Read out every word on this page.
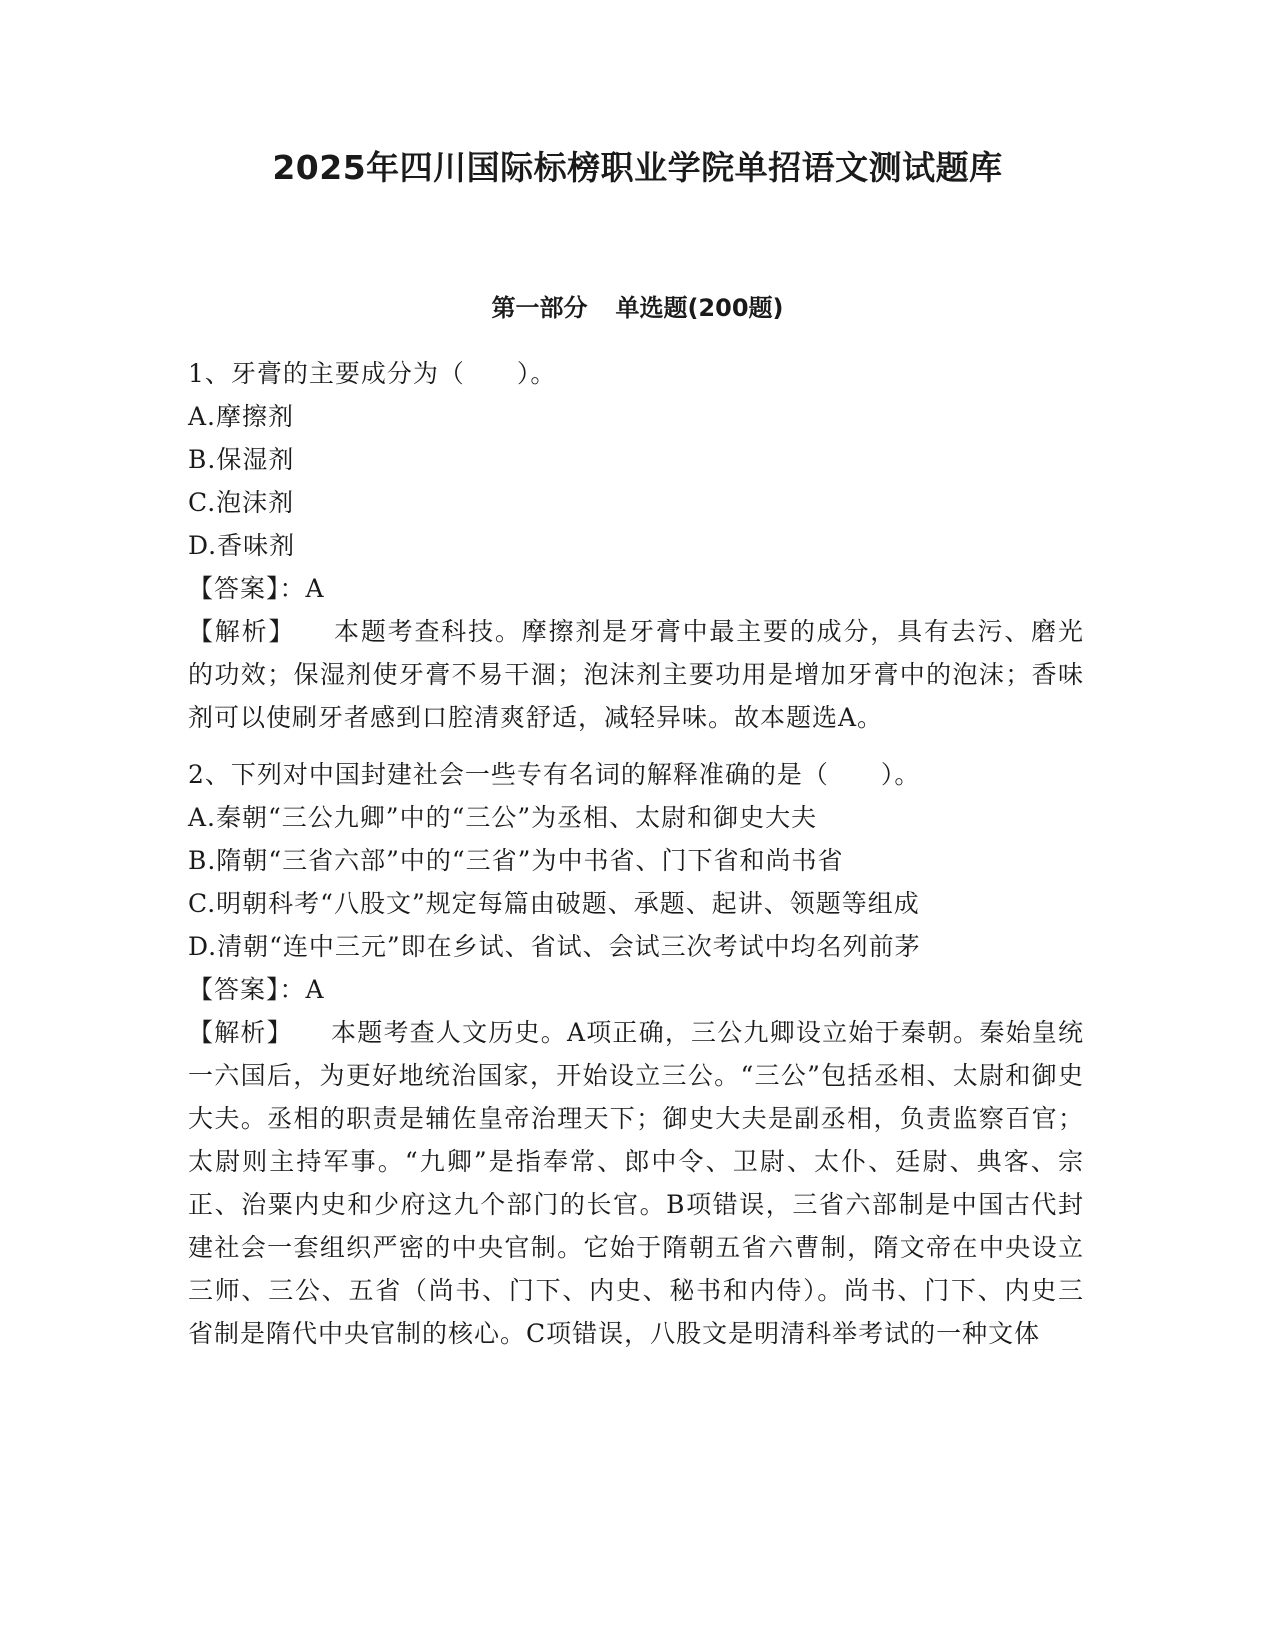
2025年四川国际标榜职业学院单招语文测试题库
第一部分 单选题(200题)
1、牙膏的主要成分为（　　）。
A.摩擦剂
B.保湿剂
C.泡沫剂
D.香味剂
【答案】：A

【解析】 本题考查科技。摩擦剂是牙膏中最主要的成分，具有去污、磨光的功效；保湿剂使牙膏不易干涸；泡沫剂主要功用是增加牙膏中的泡沫；香味剂可以使刷牙者感到口腔清爽舒适，减轻异味。故本题选A。

2、下列对中国封建社会一些专有名词的解释准确的是（　　）。
A.秦朝“三公九卿”中的“三公”为丞相、太尉和御史大夫
B.隋朝“三省六部”中的“三省”为中书省、门下省和尚书省
C.明朝科考“八股文”规定每篇由破题、承题、起讲、领题等组成
D.清朝“连中三元”即在乡试、省试、会试三次考试中均名列前茅
【答案】：A

【解析】 本题考查人文历史。A项正确，三公九卿设立始于秦朝。秦始皇统一六国后，为更好地统治国家，开始设立三公。“三公”包括丞相、太尉和御史大夫。丞相的职责是辅佐皇帝治理天下；御史大夫是副丞相，负责监察百官；太尉则主持军事。“九卿”是指奉常、郎中令、卫尉、太仆、廷尉、典客、宗正、治粟内史和少府这九个部门的长官。B项错误，三省六部制是中国古代封建社会一套组织严密的中央官制。它始于隋朝五省六曹制，隋文帝在中央设立三师、三公、五省（尚书、门下、内史、秘书和内侍）。尚书、门下、内史三省制是隋代中央官制的核心。C项错误，八股文是明清科举考试的一种文体
